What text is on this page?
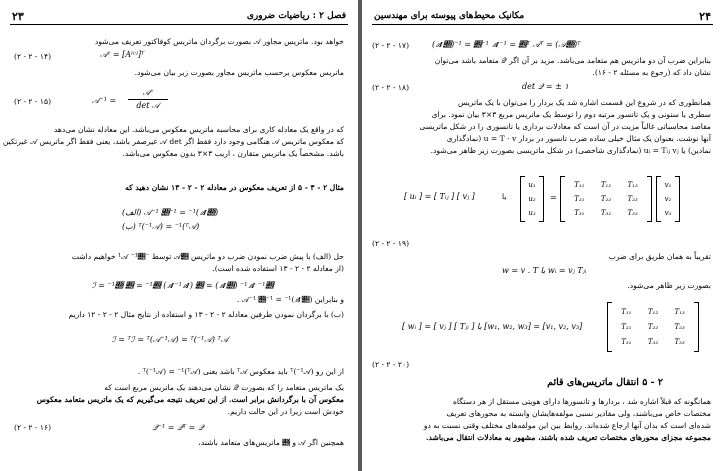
۲۳	فصل ۲ : ریاضیات ضروری
خواهد بود. ماتریس مجاور 𝒜 بصورت برگردان ماتریس کوفاکتور تعریف می‌شود
𝒜ᶜ = [A⁽ᶜ⁾]ᵀ
(۲ - ۲ - ۱۴)
ماتریس معکوس برحسب ماتریس مجاور بصورت زیر بیان می‌شود.
𝒜⁻¹ =
𝒜ᶜ
det 𝒜
(۲ - ۲ - ۱۵)
که در واقع یک معادله کاری برای محاسبه ماتریس معکوس می‌باشد. این معادله نشان می‌دهد
که معکوس ماتریس 𝒜 هنگامی وجود دارد فقط اگر 𝒜 det غیرصفر باشد، یعنی فقط اگر ماتریس 𝒜 غیرتکین
باشد. مشخصاً یک ماتریس متقارن ، اریب ۳×۳ بدون معکوس می‌باشد.
مثال ۲ - ۳ - ۵ از تعریف معکوس در معادله ۲ - ۲ - ۱۳ نشان دهید که
(الف) 𝒜⁻¹ 𝒝⁻¹ = ⁻¹(𝒜𝒝)
(ب) ᵀ(⁻¹𝒜) = ⁻¹(ᵀ𝒜)
حل (الف) با پیش ضرب نمودن ضرب دو ماتریس 𝒜𝒝 توسط ⁻¹𝒜 ⁻¹𝒝 خواهیم داشت
(از معادله ۲ - ۲ - ۱۳ استفاده شده است).
ℐ = ⁻¹𝒝 𝒝 = ⁻¹𝒝 (𝒜⁻¹𝒜) 𝒝 = (𝒜𝒝) ⁻¹𝒜 ⁻¹𝒝
و بنابراین 𝒜⁻¹ 𝒝⁻¹ = ⁻¹(𝒜𝒝) .
(ب) با برگردان نمودن طرفین معادله ۲ - ۲ - ۱۳ و استفاده از نتایج مثال ۲ - ۲ - ۱۲ داریم
ℐ = ᵀℐ = ᵀ(𝒜⁻¹𝒜) = ᵀ(⁻¹𝒜) ᵀ𝒜
از این رو ᵀ(⁻¹𝒜) باید معکوس ᵀ𝒜 باشد یعنی ᵀ(⁻¹𝒜) = ⁻¹(ᵀ𝒜) .
یک ماتریس متعامد را که بصورت 𝒬 نشان می‌دهند یک ماتریس مربع است که
معکوس آن با برگردانش برابر است. از این تعریف نتیجه می‌گیریم که یک ماتریس متعامد معکوس
خودش است زیرا در این حالت داریم.
𝒬⁻¹ = 𝒬ᵀ = 𝒬
(۲ - ۲ - ۱۶)
همچنین اگر 𝒜 و 𝒝 ماتریس‌های متعامد باشند،
۲۴
مکانیک محیط‌های پیوسته برای مهندسین
(𝒜𝒝)⁻¹ = 𝒝⁻¹ 𝒜⁻¹ = 𝒝ᵀ 𝒜ᵀ = (𝒜𝒝)ᵀ
(۲ - ۲ - ۱۷)
بنابراین ضرب آن دو ماتریس هم متعامد می‌باشد. مزید بر آن اگر 𝒬 متعامد باشد می‌توان
نشان داد که (رجوع به مسئله ۲ - ۱۶).
det 𝒬 = ± ۱
(۲ - ۲ - ۱۸)
همانطوری که در شروع این قسمت اشاره شد یک بردار را می‌توان با یک ماتریس
سطری یا ستونی و یک تانسور مرتبه دوم را توسط یک ماتریس مربع ۳×۳ بیان نمود. برای
مقاصد محاسباتی غالباً مزیت در آن است که معادلات برداری یا تانسوری را در شکل ماتریسی
آنها نوشت. بعنوان یک مثال خیلی ساده ضرب تانسور در بردار u = T · v (نمادگذاری
نمادین) یا uᵢ = Tᵢⱼ vⱼ (نمادگذاری شاخصی) در شکل ماتریسی بصورت زیر ظاهر می‌شود.
[ uᵢ ] = [ Tᵢⱼ ] [ vⱼ ]	یا
u₁
u₂
u₃
=
T₁₁	T₁₂	T₁₃
T₂₁	T₂₂	T₂₃
T₃₁	T₃₂	T₃₃
v₁
v₂
v₃
(۲ - ۲ - ۱۹)
تقریباً به همان طریق برای ضرب
w = v . T یا wᵢ = vⱼ Tⱼᵢ
بصورت زیر ظاهر می‌شود.
[ wᵢ ] = [ vⱼ ] [ Tⱼᵢ ] یا [w₁, w₂, w₃] = [v₁, v₂, v₃]
T₁₁	T₁₂	T₁₃
T₂₁	T₂₂	T₂₃
T₃₁	T₃₂	T₃₃
(۲ - ۲ - ۲۰)
۲ - ۵ انتقال ماتریس‌های قائم
همانگونه که قبلاً اشاره شد ، بردارها و تانسورها دارای هویتی مستقل از هر دستگاه
مختصات خاص می‌باشند، ولی مقادیر نسبی مولفه‌هایشان وابسته به محورهای تعریف
شده‌ای است که بدان آنها ارجاع شده‌اند. روابط بین این مولفه‌های مختلف وقتی نسبت به دو
مجموعه مجزای محورهای مختصات تعریف شده باشند، مشهور به معادلات انتقال می‌باشد.
